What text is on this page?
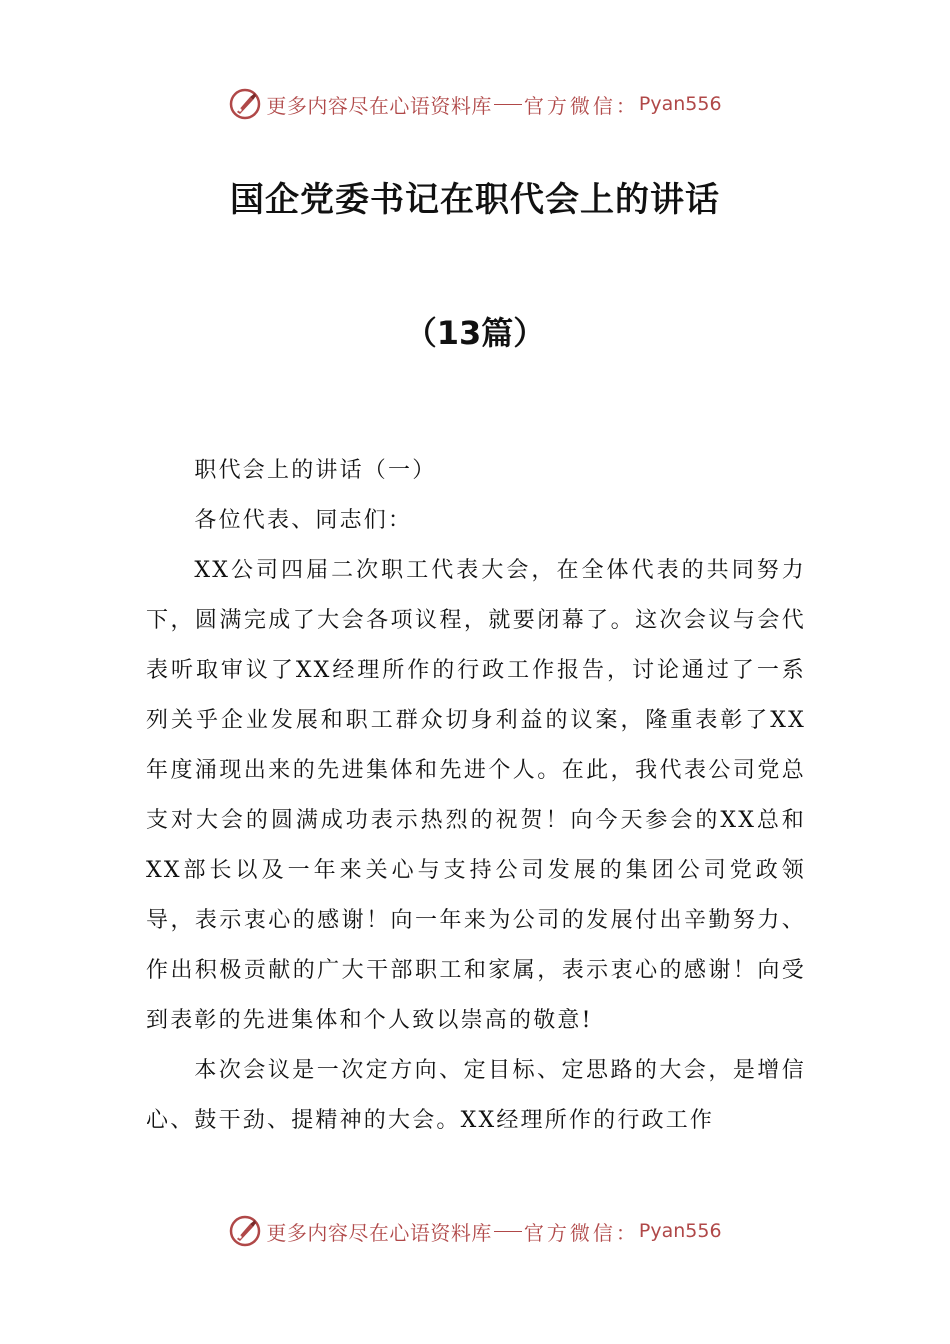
更多内容尽在心语资料库 官方微信： Pyan556
国企党委书记在职代会上的讲话
（13篇）

职代会上的讲话（一）

各位代表、同志们：

XX公司四届二次职工代表大会，在全体代表的共同努力下，圆满完成了大会各项议程，就要闭幕了。这次会议与会代表听取审议了XX经理所作的行政工作报告，讨论通过了一系列关乎企业发展和职工群众切身利益的议案，隆重表彰了XX年度涌现出来的先进集体和先进个人。在此，我代表公司党总支对大会的圆满成功表示热烈的祝贺！向今天参会的XX总和XX部长以及一年来关心与支持公司发展的集团公司党政领导，表示衷心的感谢！向一年来为公司的发展付出辛勤努力、作出积极贡献的广大干部职工和家属，表示衷心的感谢！向受到表彰的先进集体和个人致以崇高的敬意!

本次会议是一次定方向、定目标、定思路的大会，是增信心、鼓干劲、提精神的大会。XX经理所作的行政工作

更多内容尽在心语资料库 官方微信： Pyan556
